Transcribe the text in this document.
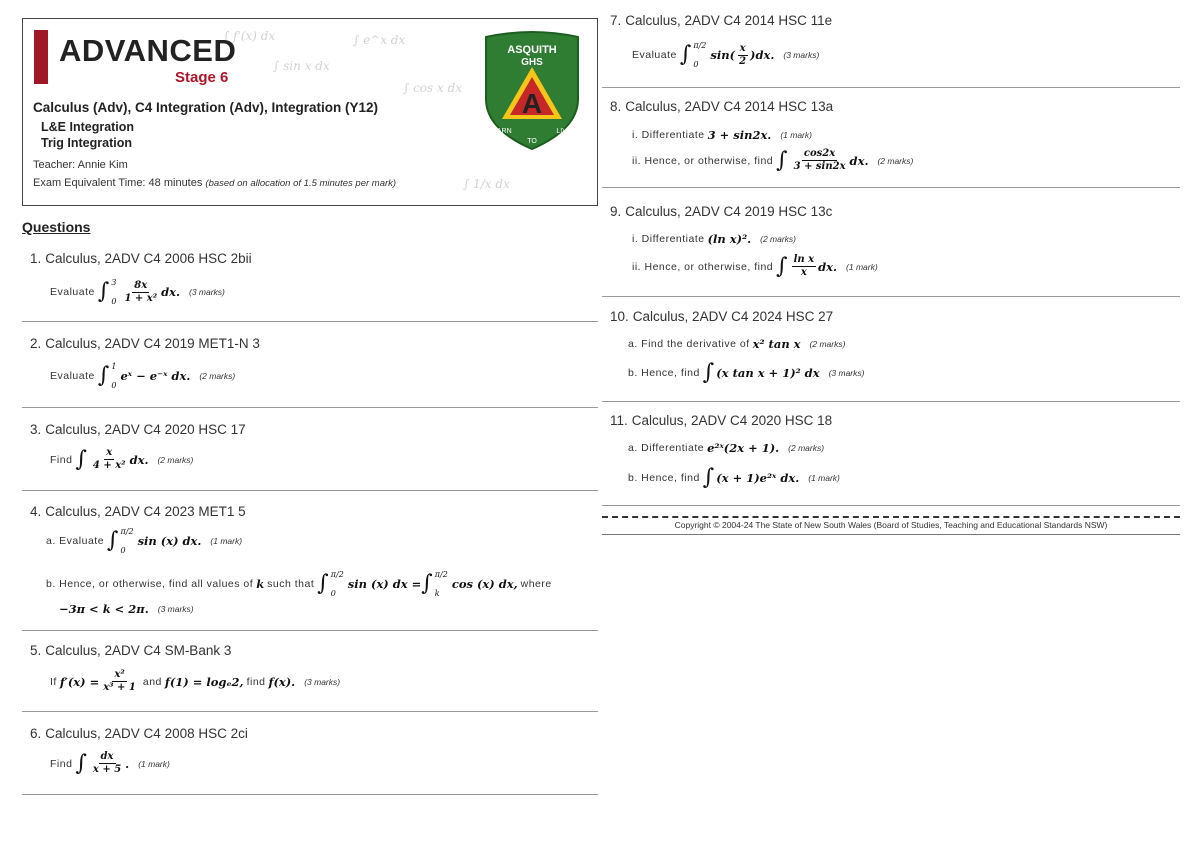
∫ f'(x) dx	∫ e^x dx
∫ sin x dx
∫ cos x dx
∫ 1/x dx
ADVANCED
Stage 6
Calculus (Adv), C4 Integration (Adv), Integration (Y12)
L&E Integration
Trig Integration
Teacher: Annie Kim
Exam Equivalent Time: 48 minutes (based on allocation of 1.5 minutes per mark)
ASQUITH
GHS
A
LEARN
TO
LIVE
Questions
1. Calculus, 2ADV C4 2006 HSC 2bii
Evaluate ∫ 3
$0 \frac{8x}{\text{1 + x²}}$ dx. (3 marks)
2. Calculus, 2ADV C4 2019 MET1-N 3
Evaluate ∫ 1
0
eˣ − e⁻ˣ dx. (2 marks)
3. Calculus, 2ADV C4 2020 HSC 17
Find ∫ $\frac{x}{\text{4 + x²}}$ dx. (2 marks)
4. Calculus, 2ADV C4 2023 MET1 5
a. Evaluate ∫ π/2
0
sin (x) dx. (1 mark)
b. Hence, or otherwise, find all values of k such that ∫ π/2
0
sin (x) dx = ∫ π/2
k
cos (x) dx, where
−3π < k < 2π. (3 marks)
5. Calculus, 2ADV C4 SM-Bank 3
If $f'(x) = \frac{\text{x²}}{\text{x³ + 1}}$ and f(1) = logₑ2, find f(x). (3 marks)
6. Calculus, 2ADV C4 2008 HSC 2ci
Find ∫ $\frac{dx}{x + 5}$ . (1 mark)
7. Calculus, 2ADV C4 2014 HSC 11e
Evaluate ∫ π/2
0
sin ( $\frac{x}{2}$ ) dx. (3 marks)
8. Calculus, 2ADV C4 2014 HSC 13a
i. Differentiate 3 + sin2x. (1 mark)
ii. Hence, or otherwise, find ∫ $\frac{\cos 2x}{3 + \sin 2x}$ dx. (2 marks)
9. Calculus, 2ADV C4 2019 HSC 13c
i. Differentiate (ln x)². (2 marks)
ii. Hence, or otherwise, find ∫ $\frac{\text{ln x}}{x}$ dx. (1 mark)
10. Calculus, 2ADV C4 2024 HSC 27
a. Find the derivative of x² tan x (2 marks)
b. Hence, find ∫ (x tan x + 1)² dx (3 marks)
11. Calculus, 2ADV C4 2020 HSC 18
a. Differentiate e²ˣ(2x + 1). (2 marks)
b. Hence, find ∫ (x + 1)e²ˣ dx. (1 mark)
Copyright © 2004-24 The State of New South Wales (Board of Studies, Teaching and Educational Standards NSW)
